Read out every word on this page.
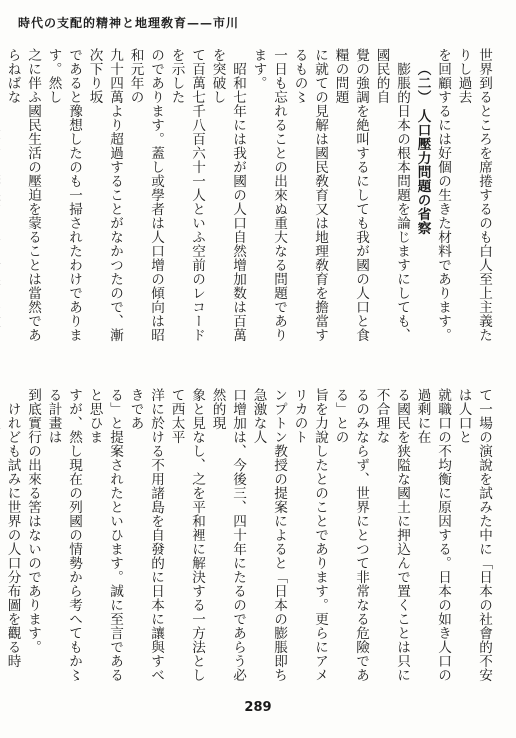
時代の支配的精神と地理敎育——市川

世界到るところを席捲するのも白人至上主義たりし過去

を回顧するには好個の生きた材料であります。

（二） 人口壓力問題の省察

膨脹的日本の根本問題を論じますにしても、國民的自

覺の強調を絶叫するにしても我が國の人口と食糧の問題

に就ての見解は國民敎育又は地理敎育を擔當するもの〻

一日も忘れることの出來ぬ重大なる問題であります。

昭和七年には我が國の人口自然增加数は百萬を突破し

て百萬七千八百六十一人といふ空前のレコードを示した

のであります。蓋し或學者は人口增の傾向は昭和元年の

九十四萬より超過することがなかつたので、漸次下り坂

であると豫想したのも一掃されたわけであります。然し

之に伴ふ國民生活の壓迫を蒙ることは當然であらねばな

て一場の演說を試みた中に「日本の社會的不安は人口と

就職口の不均衡に原因する。日本の如き人口の過剩に在

る國民を狭隘な國土に押込んで置くことは只に不合理な

るのみならず、世界にとつて非常なる危險である」との

旨を力說したとのことであります。更らにアメリカのト

ンプトン教授の提案によると「日本の膨脹即ち急激な人

口增加は、今後三、四十年にたるのであらう必然的現

象と見なし、之を平和裡に解決する一方法として西太平

洋に於ける不用諸島を自發的に日本に讓與すべきであ

る」と提案されたといひます。誠に至言であると思ひま

すが、然し現在の列國の情勢から考へてもか〻る計畫は

到底實行の出來る筈はないのであります。

けれども試みに世界の人口分布圖を觀る時

289
